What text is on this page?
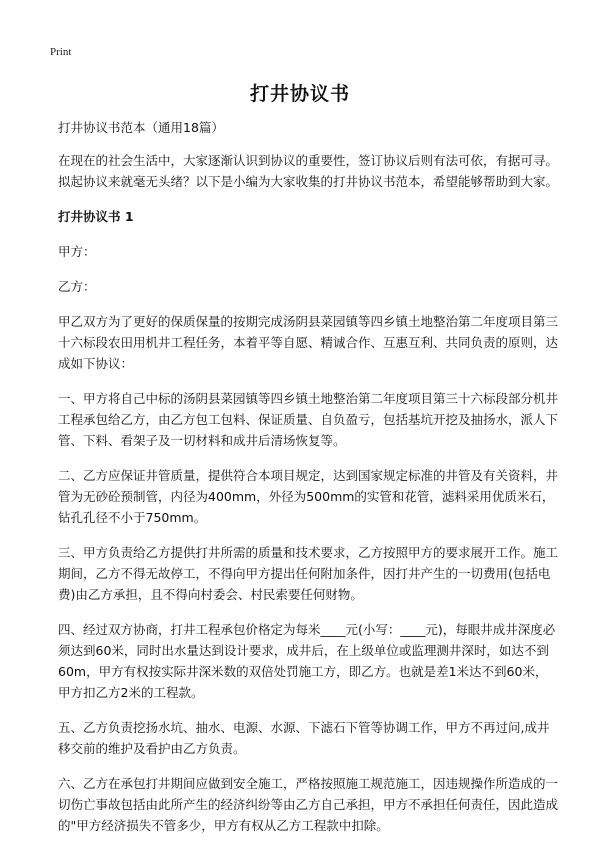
Print
打井协议书

打井协议书范本（通用18篇）

在现在的社会生活中，大家逐渐认识到协议的重要性，签订协议后则有法可依，有据可寻。拟起协议来就毫无头绪？以下是小编为大家收集的打井协议书范本，希望能够帮助到大家。

打井协议书 1

甲方：

乙方：

甲乙双方为了更好的保质保量的按期完成汤阴县菜园镇等四乡镇土地整治第二年度项目第三十六标段农田用机井工程任务，本着平等自愿、精诚合作、互惠互利、共同负责的原则，达成如下协议：

一、甲方将自己中标的汤阴县菜园镇等四乡镇土地整治第二年度项目第三十六标段部分机井工程承包给乙方，由乙方包工包料、保证质量、自负盈亏，包括基坑开挖及抽扬水，派人下管、下料、看架子及一切材料和成井后清场恢复等。

二、乙方应保证井管质量，提供符合本项目规定，达到国家规定标准的井管及有关资料，井管为无砂砼预制管，内径为400mm，外径为500mm的实管和花管，滤料采用优质米石，钻孔孔径不小于750mm。

三、甲方负责给乙方提供打井所需的质量和技术要求，乙方按照甲方的要求展开工作。施工期间，乙方不得无故停工，不得向甲方提出任何附加条件，因打井产生的一切费用(包括电费)由乙方承担，且不得向村委会、村民索要任何财物。

四、经过双方协商，打井工程承包价格定为每米____元(小写：____元)，每眼井成井深度必须达到60米，同时出水量达到设计要求，成井后，在上级单位或监理测井深时，如达不到60m，甲方有权按实际井深米数的双倍处罚施工方，即乙方。也就是差1米达不到60米，甲方扣乙方2米的工程款。

五、乙方负责挖扬水坑、抽水、电源、水源、下滤石下管等协调工作，甲方不再过问,成井移交前的维护及看护由乙方负责。

六、乙方在承包打井期间应做到安全施工，严格按照施工规范施工，因违规操作所造成的一切伤亡事故包括由此所产生的经济纠纷等由乙方自己承担，甲方不承担任何责任，因此造成的"甲方经济损失不管多少，甲方有权从乙方工程款中扣除。
